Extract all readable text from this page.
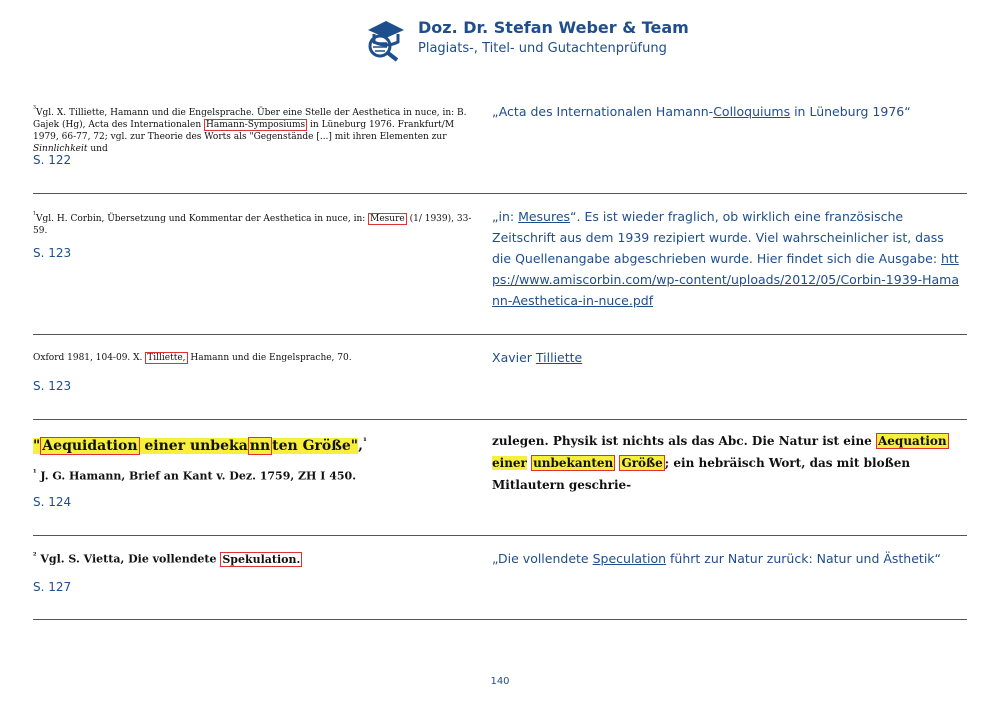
Doz. Dr. Stefan Weber & Team
Plagiats-, Titel- und Gutachtenprüfung
$^{^3}$Vgl. X. Tilliette, Hamann und die Engelsprache. Über eine Stelle der Aesthetica in nuce, in: B. Gajek (Hg), Acta des Internationalen Hamann-Symposiums in Lüneburg 1976. Frankfurt/M 1979, 66-77, 72; vgl. zur Theorie des Worts als "Gegenstände [...] mit ihren Elementen zur Sinnlichkeit und
S. 122
„Acta des Internationalen Hamann-Colloquiums in Lüneburg 1976“
$^{^1}$Vgl. H. Corbin, Übersetzung und Kommentar der Aesthetica in nuce, in: Mesure (1/ 1939), 33-59.
S. 123
„in: Mesures“. Es ist wieder fraglich, ob wirklich eine französische Zeitschrift aus dem 1939 rezipiert wurde. Viel wahrscheinlicher ist, dass die Quellenangabe abgeschrieben wurde. Hier findet sich die Ausgabe: https://www.amiscorbin.com/wp-content/uploads/2012/05/Corbin-1939-Hamann-Aesthetica-in-nuce.pdf
Oxford 1981, 104-09. X. Tilliette, Hamann und die Engelsprache, 70.
S. 123
Xavier Tilliette
" Aequidation einer unbeka nn ten Größe",$^{^1}$
$^{^1}$ J. G. Hamann, Brief an Kant v. Dez. 1759, ZH I 450.
S. 124
zulegen. Physik ist nichts als das Abc. Die Natur ist eine Aequation einer unbekanten Größe ; ein hebräisch Wort, das mit bloßen Mitlautern geschrie-
$^{^2}$ Vgl. S. Vietta, Die vollendete Spekulation.
S. 127
„Die vollendete Speculation führt zur Natur zurück: Natur und Ästhetik“
140
